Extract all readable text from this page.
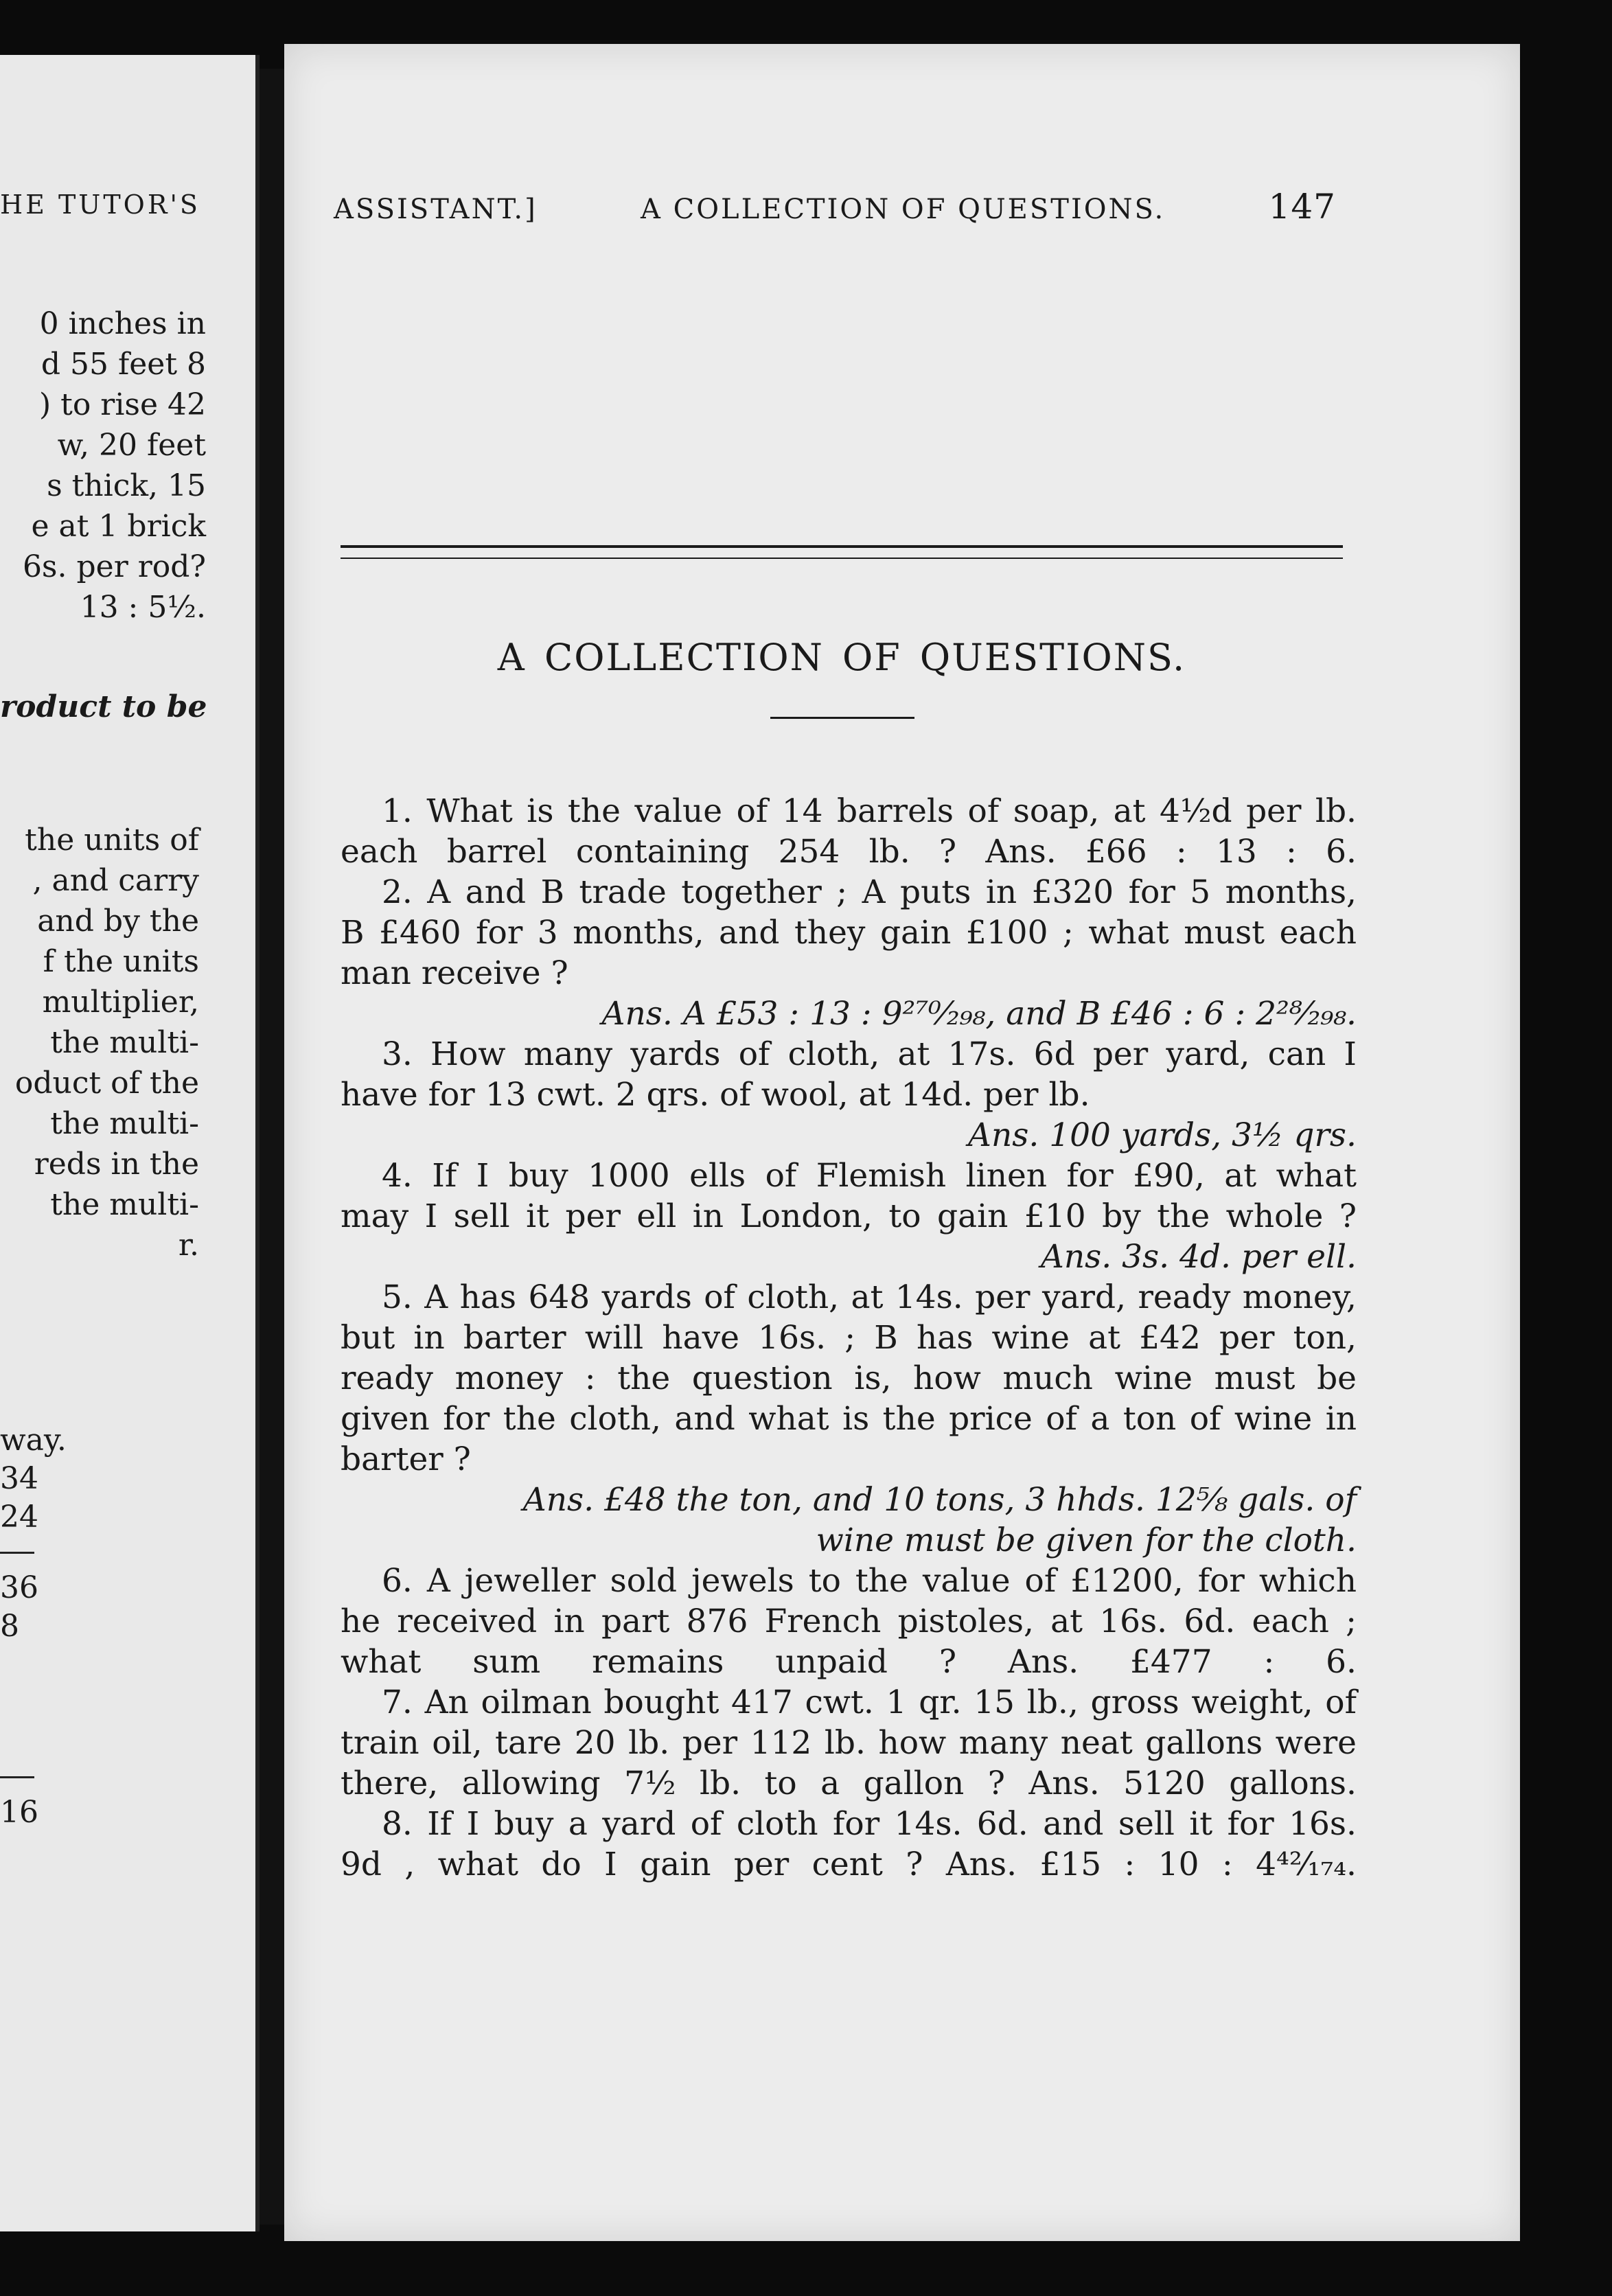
HE TUTOR'S
0 inches in
d 55 feet 8
) to rise 42
w, 20 feet
s thick, 15
e at 1 brick
6s. per rod?
13 : 5½.
roduct to be
the units of
, and carry
and by the
f the units
multiplier,
the multi-
oduct of the
the multi-
reds in the
the multi-
r.
way.
34
24
36
8
16
ASSISTANT.]	A COLLECTION OF QUESTIONS.	147
A COLLECTION OF QUESTIONS.
1. What is the value of 14 barrels of soap, at 4½d per lb.
each barrel containing 254 lb. ? Ans. £66 : 13 : 6.
2. A and B trade together ; A puts in £320 for 5 months,
B £460 for 3 months, and they gain £100 ; what must each
man receive ?
Ans. A £53 : 13 : 9²⁷⁰⁄₂₉₈, and B £46 : 6 : 2²⁸⁄₂₉₈.
3. How many yards of cloth, at 17s. 6d per yard, can I
have for 13 cwt. 2 qrs. of wool, at 14d. per lb.
Ans. 100 yards, 3½ qrs.
4. If I buy 1000 ells of Flemish linen for £90, at what
may I sell it per ell in London, to gain £10 by the whole ?
Ans. 3s. 4d. per ell.
5. A has 648 yards of cloth, at 14s. per yard, ready money,
but in barter will have 16s. ; B has wine at £42 per ton,
ready money : the question is, how much wine must be
given for the cloth, and what is the price of a ton of wine in
barter ?
Ans. £48 the ton, and 10 tons, 3 hhds. 12⅝ gals. of
wine must be given for the cloth.
6. A jeweller sold jewels to the value of £1200, for which
he received in part 876 French pistoles, at 16s. 6d. each ;
what sum remains unpaid ? Ans. £477 : 6.
7. An oilman bought 417 cwt. 1 qr. 15 lb., gross weight, of
train oil, tare 20 lb. per 112 lb. how many neat gallons were
there, allowing 7½ lb. to a gallon ? Ans. 5120 gallons.
8. If I buy a yard of cloth for 14s. 6d. and sell it for 16s.
9d , what do I gain per cent ? Ans. £15 : 10 : 4⁴²⁄₁₇₄.
